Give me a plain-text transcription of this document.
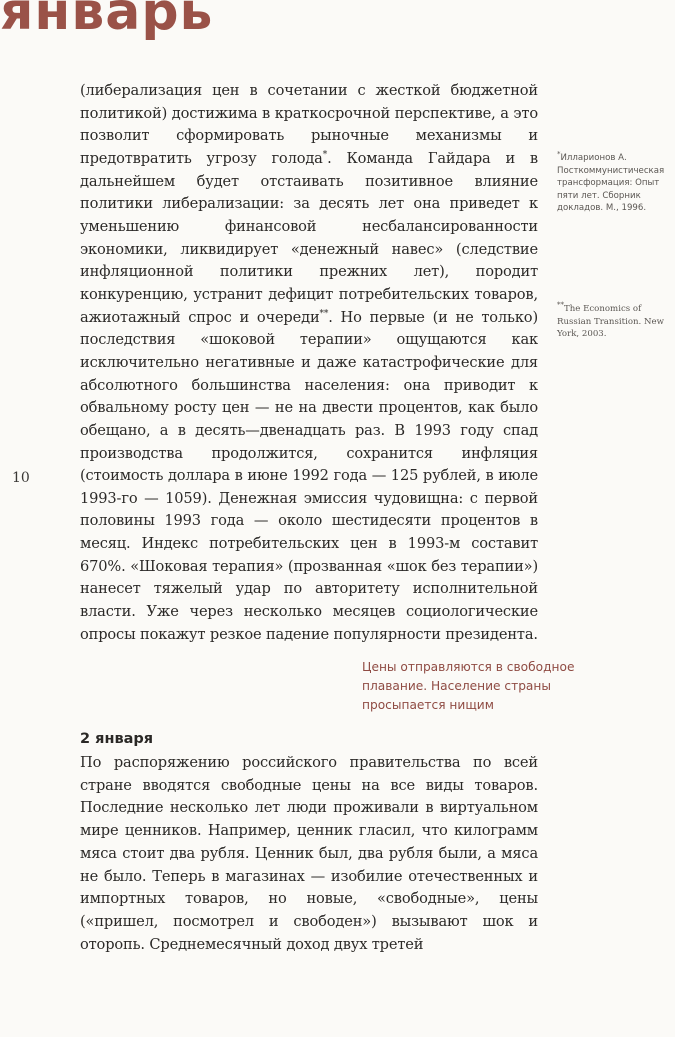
январь

(либерализация цен в сочетании с жесткой бюджетной политикой) достижима в краткосрочной перспективе, а это позволит сформировать рыночные механизмы и предотвратить угрозу голода*. Команда Гайдара и в дальнейшем будет отстаивать позитивное влияние политики либерализации: за десять лет она приведет к уменьшению финансовой несбалансированности экономики, ликвидирует «денежный навес» (следствие инфляционной политики прежних лет), породит конкуренцию, устранит дефицит потребительских товаров, ажиотажный спрос и очереди**. Но первые (и не только) последствия «шоковой терапии» ощущаются как исключительно негативные и даже катастрофические для абсолютного большинства населения: она приводит к обвальному росту цен — не на двести процентов, как было обещано, а в десять—двенадцать раз. В 1993 году спад производства продолжится, сохранится инфляция (стоимость доллара в июне 1992 года — 125 рублей, в июле 1993-го — 1059). Денежная эмиссия чудовищна: с первой половины 1993 года — около шестидесяти процентов в месяц. Индекс потребительских цен в 1993-м составит 670%. «Шоковая терапия» (прозванная «шок без терапии») нанесет тяжелый удар по авторитету исполнительной власти. Уже через несколько месяцев социологические опросы покажут резкое падение популярности президента.

10
*Илларионов А. Посткоммунистическая трансформация: Опыт пяти лет. Сборник докладов. М., 1996.
**The Economics of Russian Transition. New York, 2003.
Цены отправляются в свободное плавание. Население страны просыпается нищим
2 января

По распоряжению российского правительства по всей стране вводятся свободные цены на все виды товаров. Последние несколько лет люди проживали в виртуальном мире ценников. Например, ценник гласил, что килограмм мяса стоит два рубля. Ценник был, два рубля были, а мяса не было. Теперь в магазинах — изобилие отечественных и импортных товаров, но новые, «свободные», цены («пришел, посмотрел и свободен») вызывают шок и оторопь. Среднемесячный доход двух третей
